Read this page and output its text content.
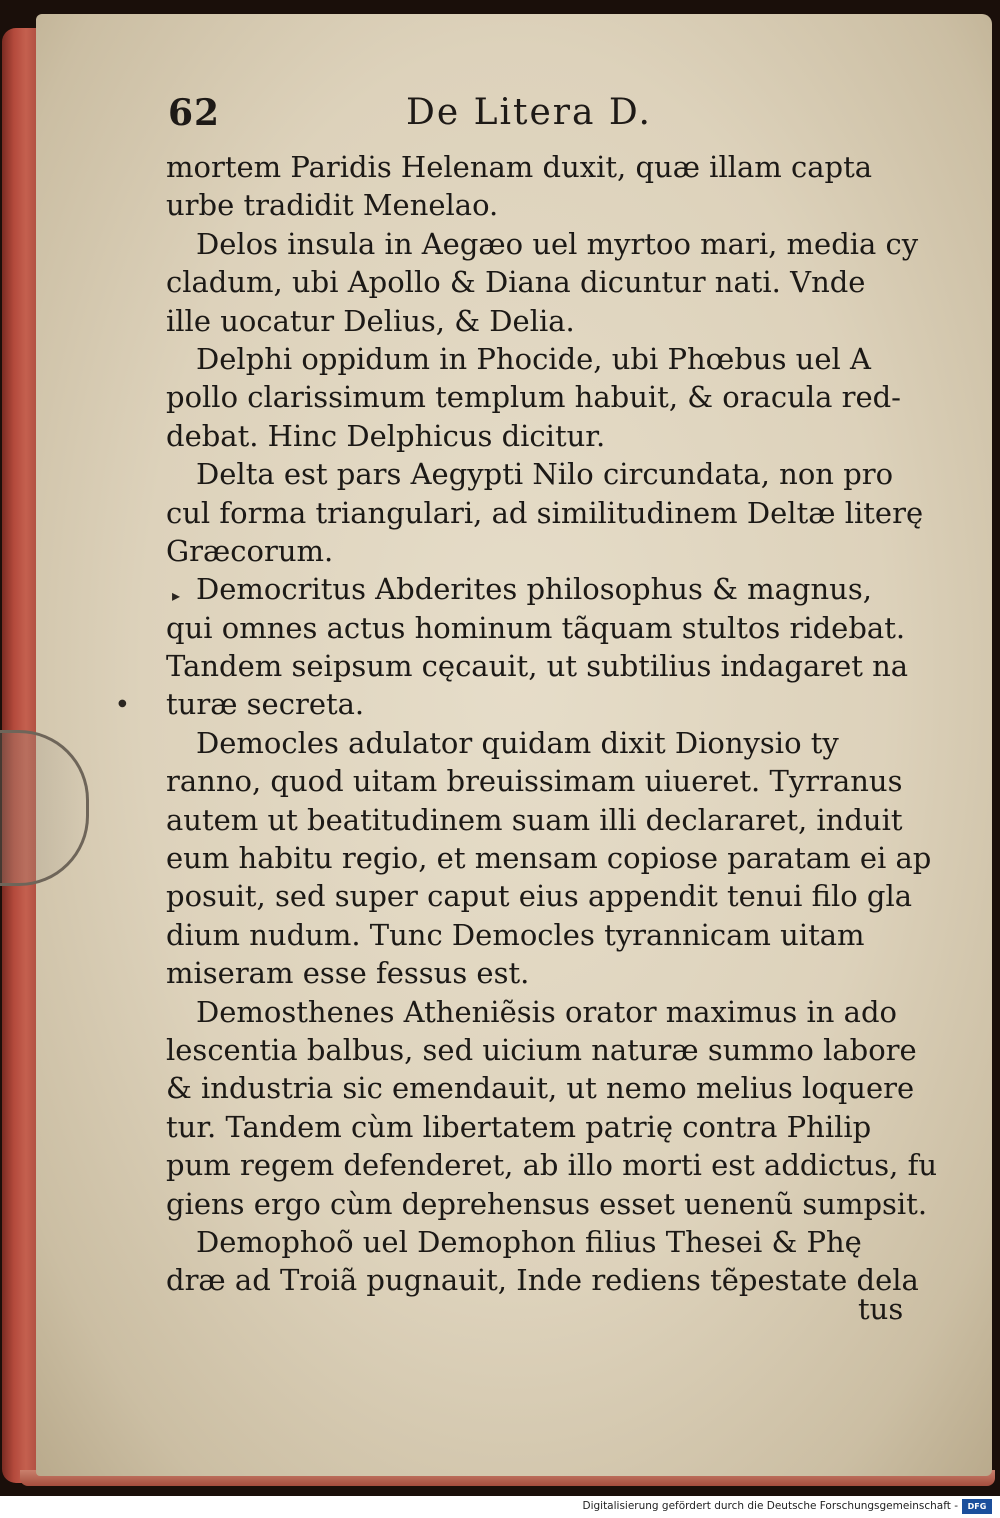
▸
●
62	De Litera D.
mortem Paridis Helenam duxit, quæ illam capta
urbe tradidit Menelao.
Delos insula in Aegæo uel myrtoo mari, media cy
cladum, ubi Apollo & Diana dicuntur nati. Vnde
ille uocatur Delius, & Delia.
Delphi oppidum in Phocide, ubi Phœbus uel A
pollo clarissimum templum habuit, & oracula red-
debat. Hinc Delphicus dicitur.
Delta est pars Aegypti Nilo circundata, non pro
cul forma triangulari, ad similitudinem Deltæ literę
Græcorum.
Democritus Abderites philosophus & magnus,
qui omnes actus hominum tãquam stultos ridebat.
Tandem seipsum cęcauit, ut subtilius indagaret na
turæ secreta.
Democles adulator quidam dixit Dionysio ty
ranno, quod uitam breuissimam uiueret. Tyrranus
autem ut beatitudinem suam illi declararet, induit
eum habitu regio, et mensam copiose paratam ei ap
posuit, sed super caput eius appendit tenui filo gla
dium nudum. Tunc Democles tyrannicam uitam
miseram esse fessus est.
Demosthenes Atheniẽsis orator maximus in ado
lescentia balbus, sed uicium naturæ summo labore
& industria sic emendauit, ut nemo melius loquere
tur. Tandem cùm libertatem patrię contra Philip
pum regem defenderet, ab illo morti est addictus, fu
giens ergo cùm deprehensus esset uenenũ sumpsit.
Demophoõ uel Demophon filius Thesei & Phę
dræ ad Troiã pugnauit, Inde rediens tẽpestate dela
tus
Digitalisierung gefördert durch die Deutsche Forschungsgemeinschaft -	DFG
